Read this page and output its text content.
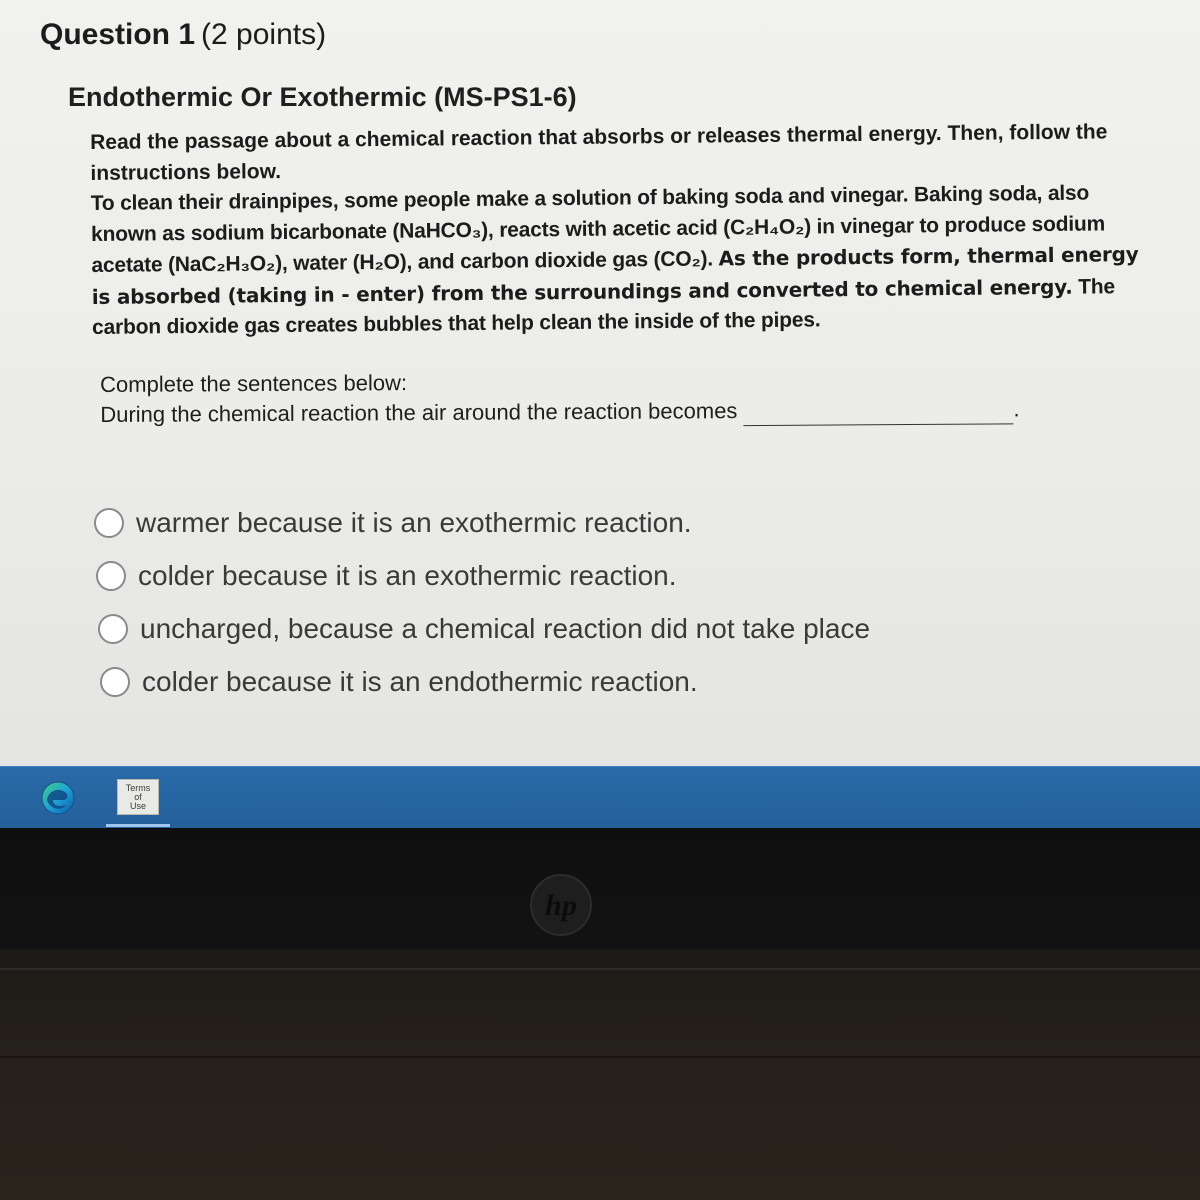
Question 1 (2 points)
Endothermic Or Exothermic (MS-PS1-6)

Read the passage about a chemical reaction that absorbs or releases thermal energy. Then, follow the instructions below.

To clean their drainpipes, some people make a solution of baking soda and vinegar. Baking soda, also known as sodium bicarbonate (NaHCO₃), reacts with acetic acid (C₂H₄O₂) in vinegar to produce sodium acetate (NaC₂H₃O₂), water (H₂O), and carbon dioxide gas (CO₂). As the products form, thermal energy is absorbed (taking in - enter) from the surroundings and converted to chemical energy. The carbon dioxide gas creates bubbles that help clean the inside of the pipes.

Complete the sentences below:
During the chemical reaction the air around the reaction becomes	.
warmer because it is an exothermic reaction.
colder because it is an exothermic reaction.
uncharged, because a chemical reaction did not take place
colder because it is an endothermic reaction.
Terms
of
Use
hp
